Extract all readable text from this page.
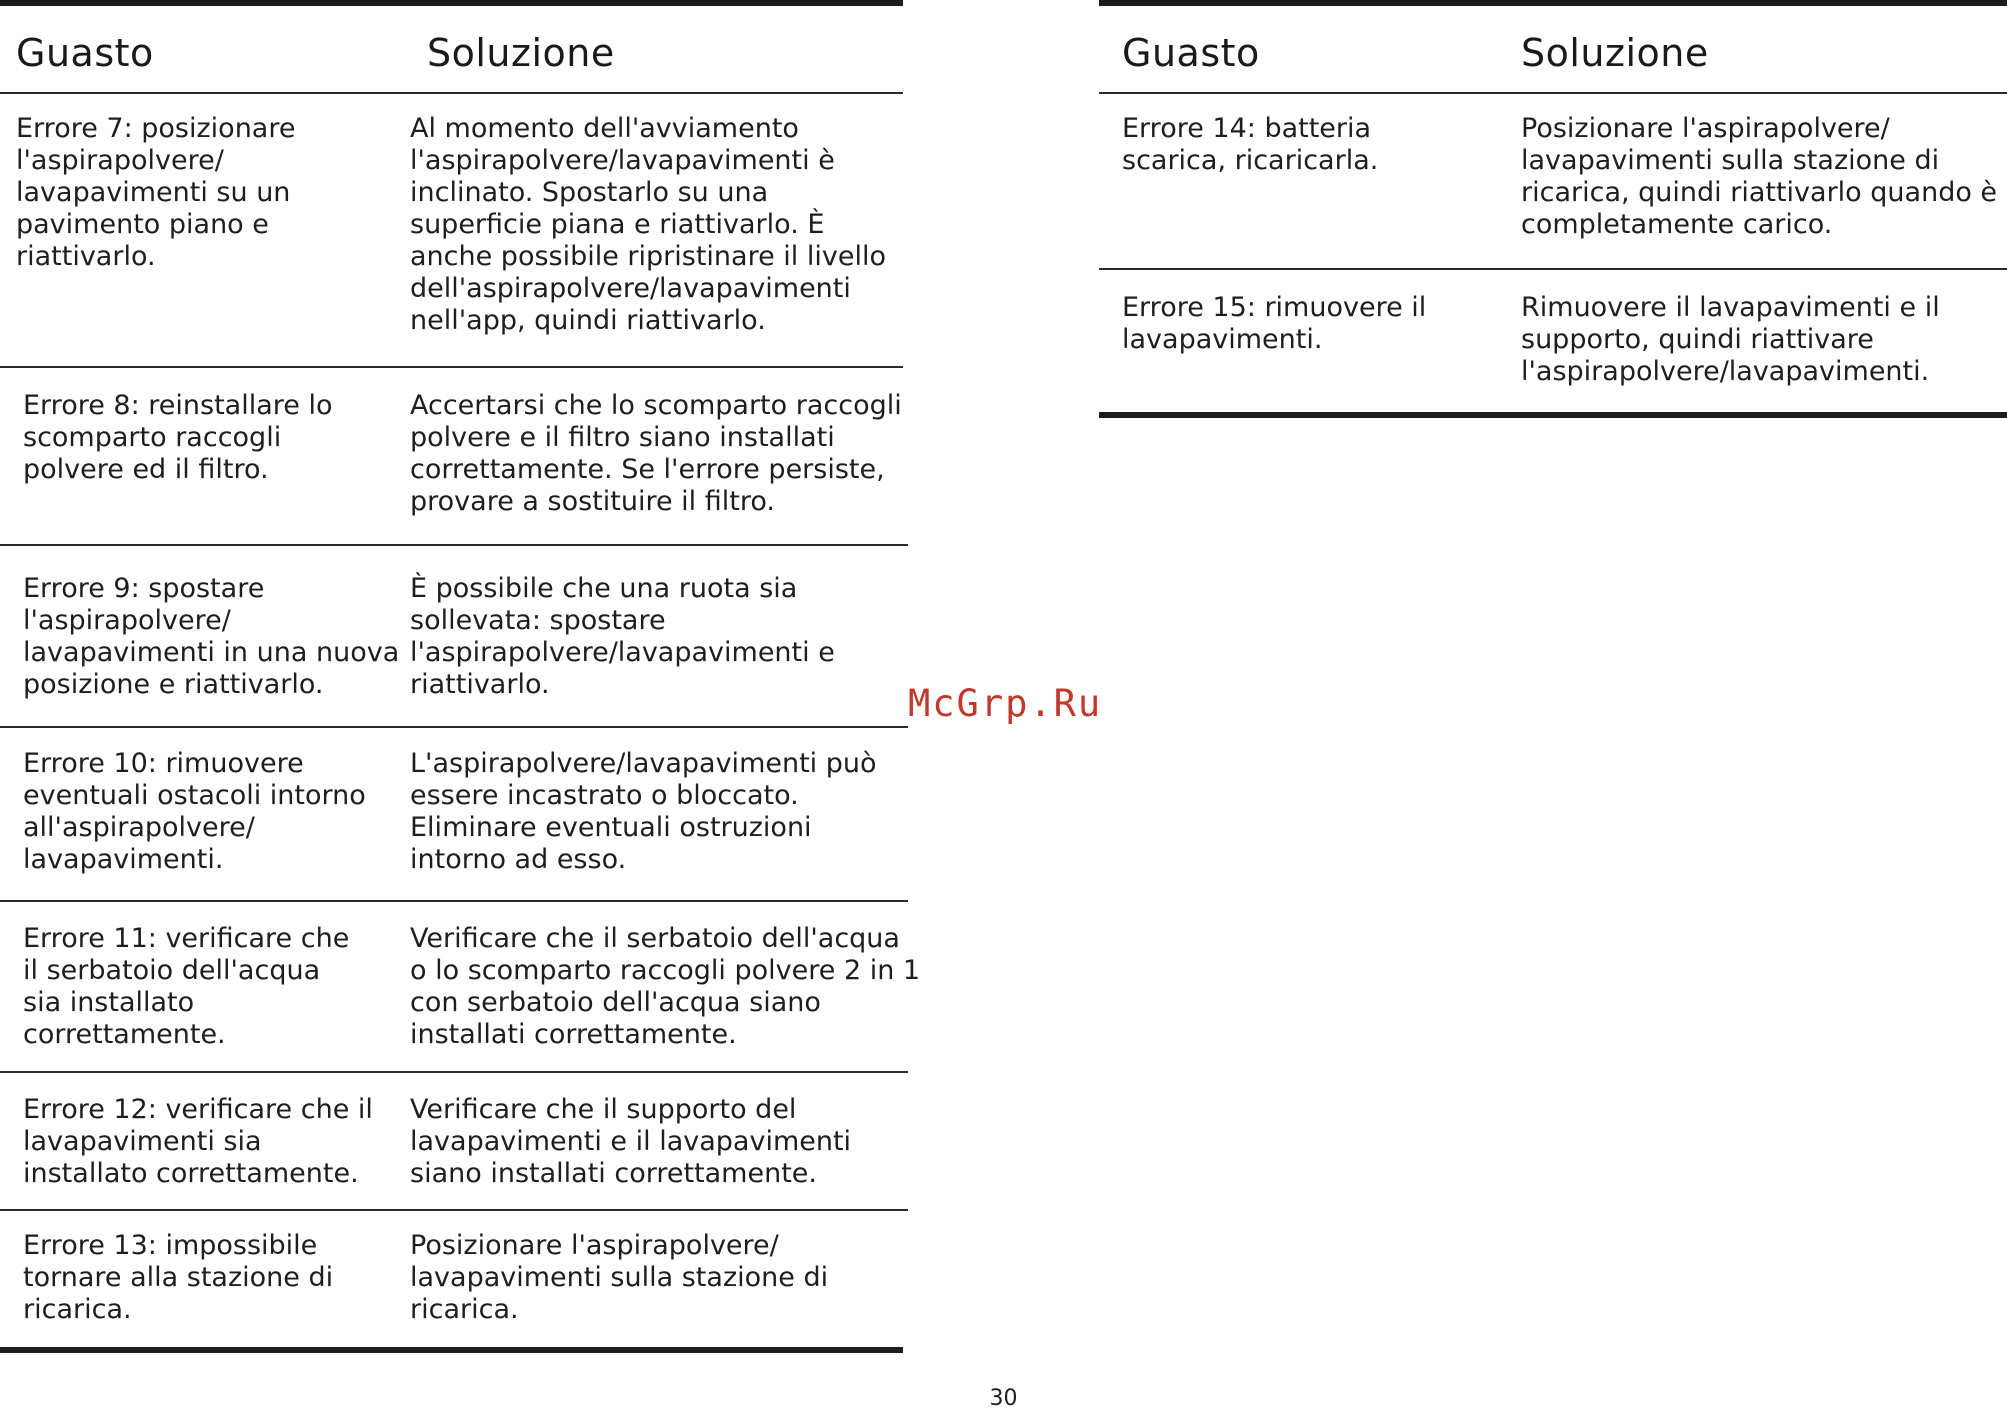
Guasto	Soluzione
Errore 7: posizionare
l'aspirapolvere/
lavapavimenti su un
pavimento piano e
riattivarlo.
Al momento dell'avviamento
l'aspirapolvere/lavapavimenti è
inclinato. Spostarlo su una
superficie piana e riattivarlo. È
anche possibile ripristinare il livello
dell'aspirapolvere/lavapavimenti
nell'app, quindi riattivarlo.
Errore 8: reinstallare lo
scomparto raccogli
polvere ed il filtro.
Accertarsi che lo scomparto raccogli
polvere e il filtro siano installati
correttamente. Se l'errore persiste,
provare a sostituire il filtro.
Errore 9: spostare
l'aspirapolvere/
lavapavimenti in una nuova
posizione e riattivarlo.
È possibile che una ruota sia
sollevata: spostare
l'aspirapolvere/lavapavimenti e
riattivarlo.
Errore 10: rimuovere
eventuali ostacoli intorno
all'aspirapolvere/
lavapavimenti.
L'aspirapolvere/lavapavimenti può
essere incastrato o bloccato.
Eliminare eventuali ostruzioni
intorno ad esso.
Errore 11: verificare che
il serbatoio dell'acqua
sia installato
correttamente.
Verificare che il serbatoio dell'acqua
o lo scomparto raccogli polvere 2 in 1
con serbatoio dell'acqua siano
installati correttamente.
Errore 12: verificare che il
lavapavimenti sia
installato correttamente.
Verificare che il supporto del
lavapavimenti e il lavapavimenti
siano installati correttamente.
Errore 13: impossibile
tornare alla stazione di
ricarica.
Posizionare l'aspirapolvere/
lavapavimenti sulla stazione di
ricarica.
Guasto	Soluzione
Errore 14: batteria
scarica, ricaricarla.
Posizionare l'aspirapolvere/
lavapavimenti sulla stazione di
ricarica, quindi riattivarlo quando è
completamente carico.
Errore 15: rimuovere il
lavapavimenti.
Rimuovere il lavapavimenti e il
supporto, quindi riattivare
l'aspirapolvere/lavapavimenti.
McGrp.Ru
30
